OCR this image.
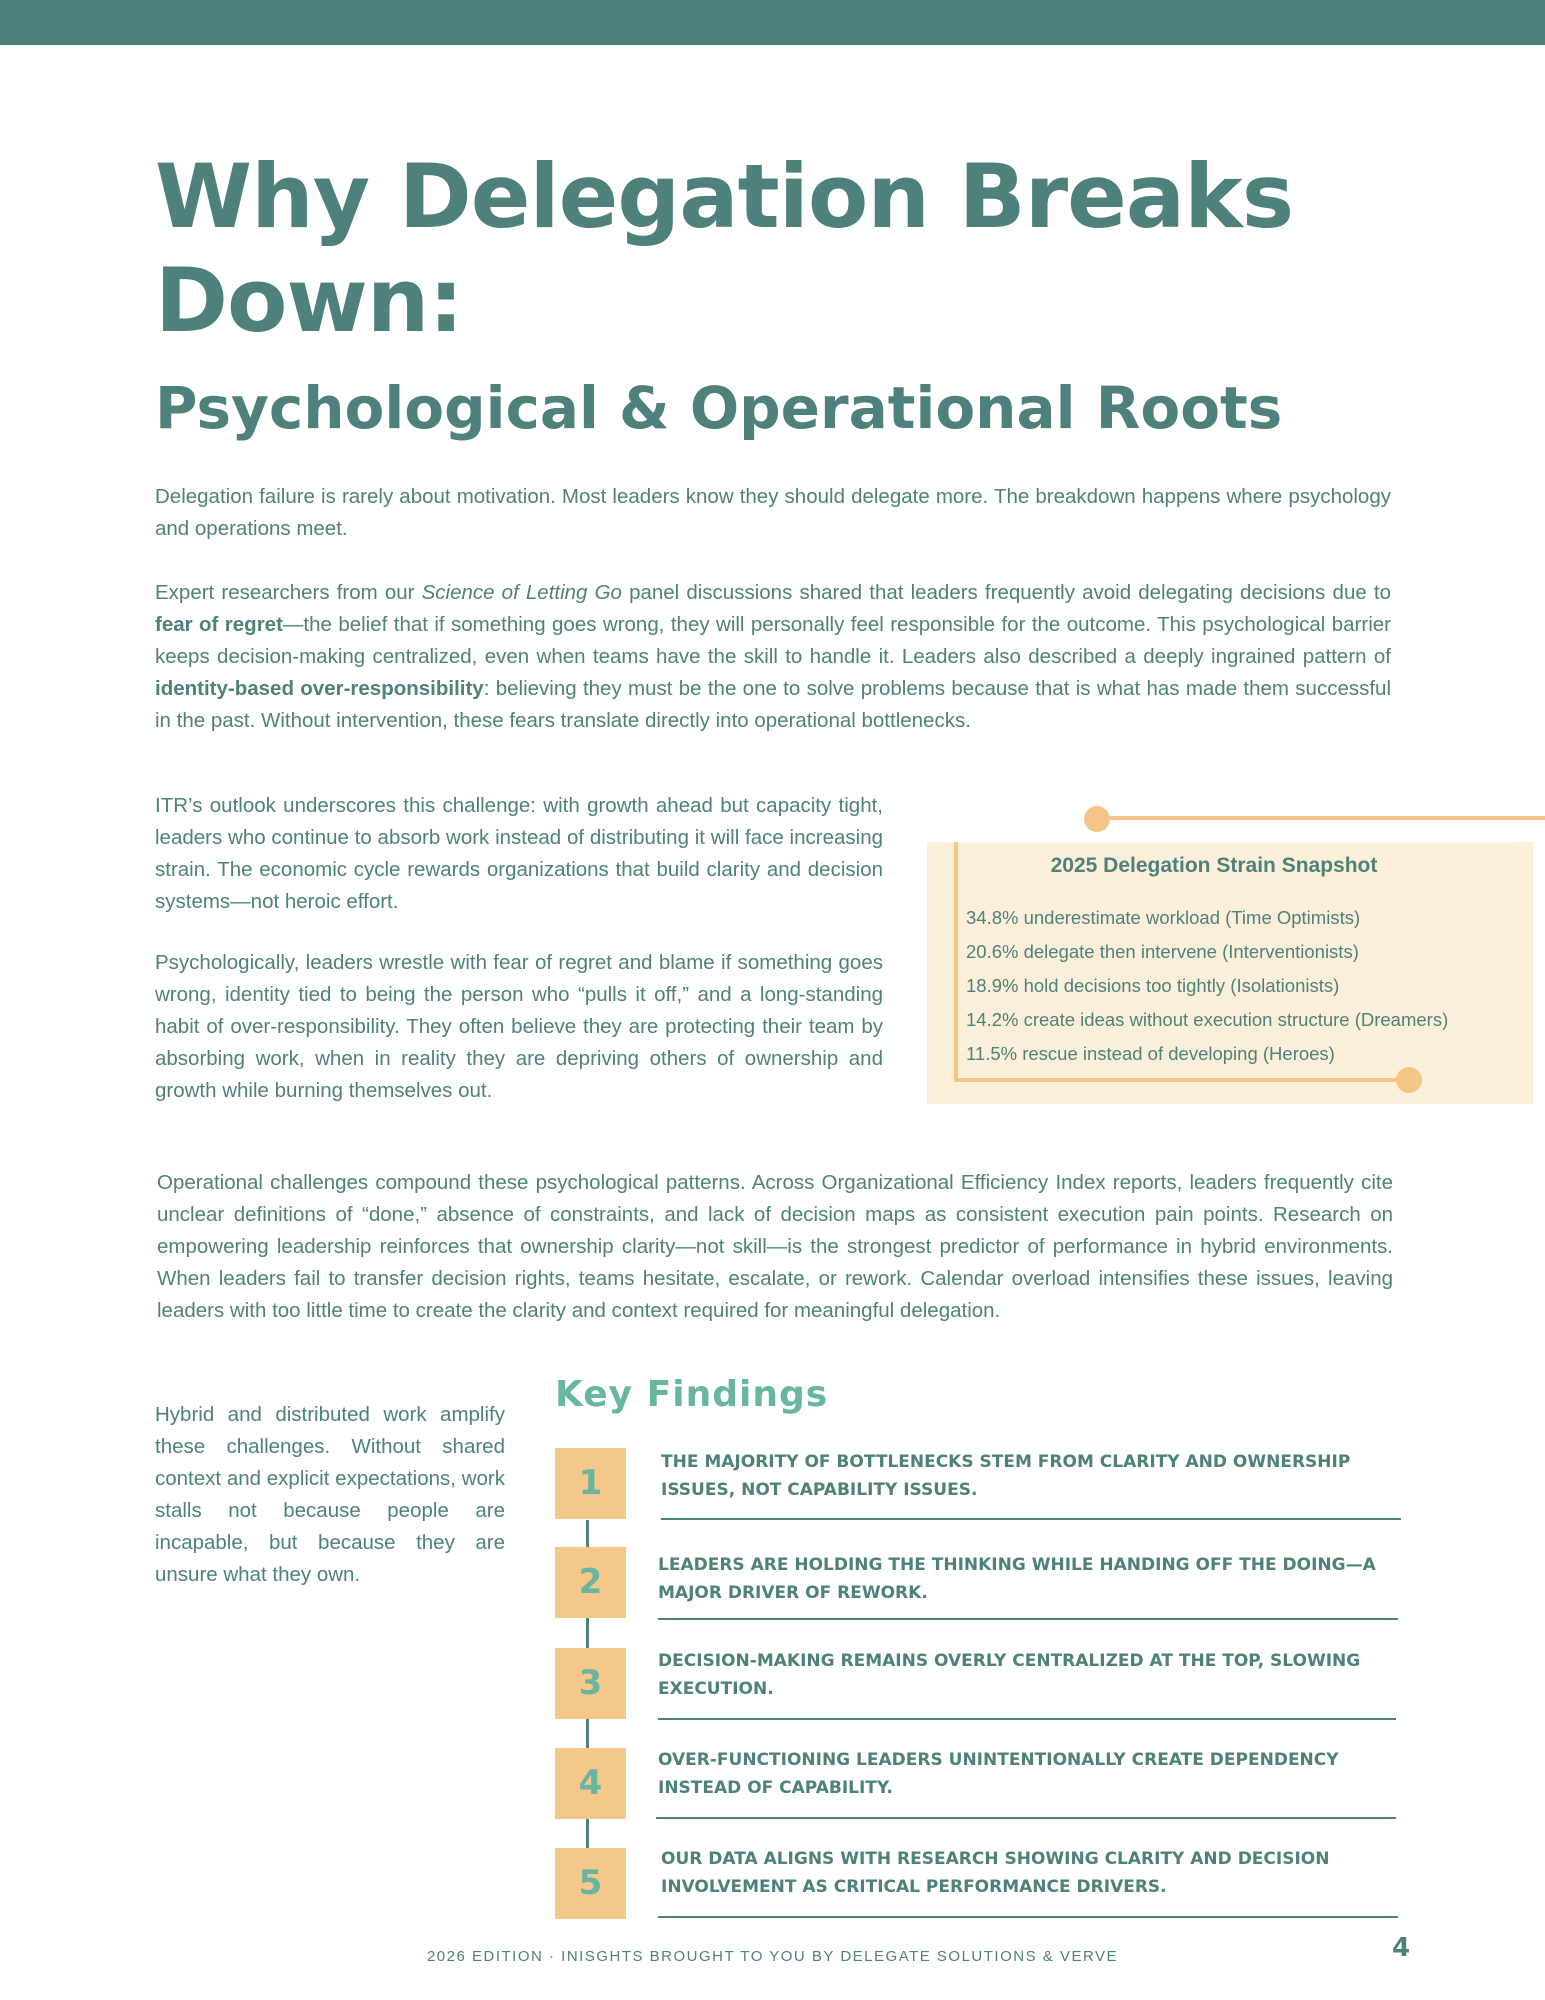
Why Delegation Breaks Down:
Psychological & Operational Roots

Delegation failure is rarely about motivation. Most leaders know they should delegate more. The breakdown happens where psychology and operations meet.

Expert researchers from our Science of Letting Go panel discussions shared that leaders frequently avoid delegating decisions due to fear of regret—the belief that if something goes wrong, they will personally feel responsible for the outcome. This psychological barrier keeps decision-making centralized, even when teams have the skill to handle it. Leaders also described a deeply ingrained pattern of identity-based over-responsibility: believing they must be the one to solve problems because that is what has made them successful in the past. Without intervention, these fears translate directly into operational bottlenecks.

ITR’s outlook underscores this challenge: with growth ahead but capacity tight, leaders who continue to absorb work instead of distributing it will face increasing strain. The economic cycle rewards organizations that build clarity and decision systems—not heroic effort.

Psychologically, leaders wrestle with fear of regret and blame if something goes wrong, identity tied to being the person who “pulls it off,” and a long-standing habit of over-responsibility. They often believe they are protecting their team by absorbing work, when in reality they are depriving others of ownership and growth while burning themselves out.

2025 Delegation Strain Snapshot
34.8% underestimate workload (Time Optimists)
20.6% delegate then intervene (Interventionists)
18.9% hold decisions too tightly (Isolationists)
14.2% create ideas without execution structure (Dreamers)
11.5% rescue instead of developing (Heroes)

Operational challenges compound these psychological patterns. Across Organizational Efficiency Index reports, leaders frequently cite unclear definitions of “done,” absence of constraints, and lack of decision maps as consistent execution pain points. Research on empowering leadership reinforces that ownership clarity—not skill—is the strongest predictor of performance in hybrid environments. When leaders fail to transfer decision rights, teams hesitate, escalate, or rework. Calendar overload intensifies these issues, leaving leaders with too little time to create the clarity and context required for meaningful delegation.

Hybrid and distributed work amplify these challenges. Without shared context and explicit expectations, work stalls not because people are incapable, but because they are unsure what they own.

Key Findings
1

THE MAJORITY OF BOTTLENECKS STEM FROM CLARITY AND OWNERSHIP ISSUES, NOT CAPABILITY ISSUES.

2	LEADERS ARE HOLDING THE THINKING WHILE HANDING OFF THE DOING—A MAJOR DRIVER OF REWORK.

3

DECISION-MAKING REMAINS OVERLY CENTRALIZED AT THE TOP, SLOWING EXECUTION.

4

OVER-FUNCTIONING LEADERS UNINTENTIONALLY CREATE DEPENDENCY INSTEAD OF CAPABILITY.

5

OUR DATA ALIGNS WITH RESEARCH SHOWING CLARITY AND DECISION INVOLVEMENT AS CRITICAL PERFORMANCE DRIVERS.

2026 EDITION · INISGHTS BROUGHT TO YOU BY DELEGATE SOLUTIONS & VERVE	4
